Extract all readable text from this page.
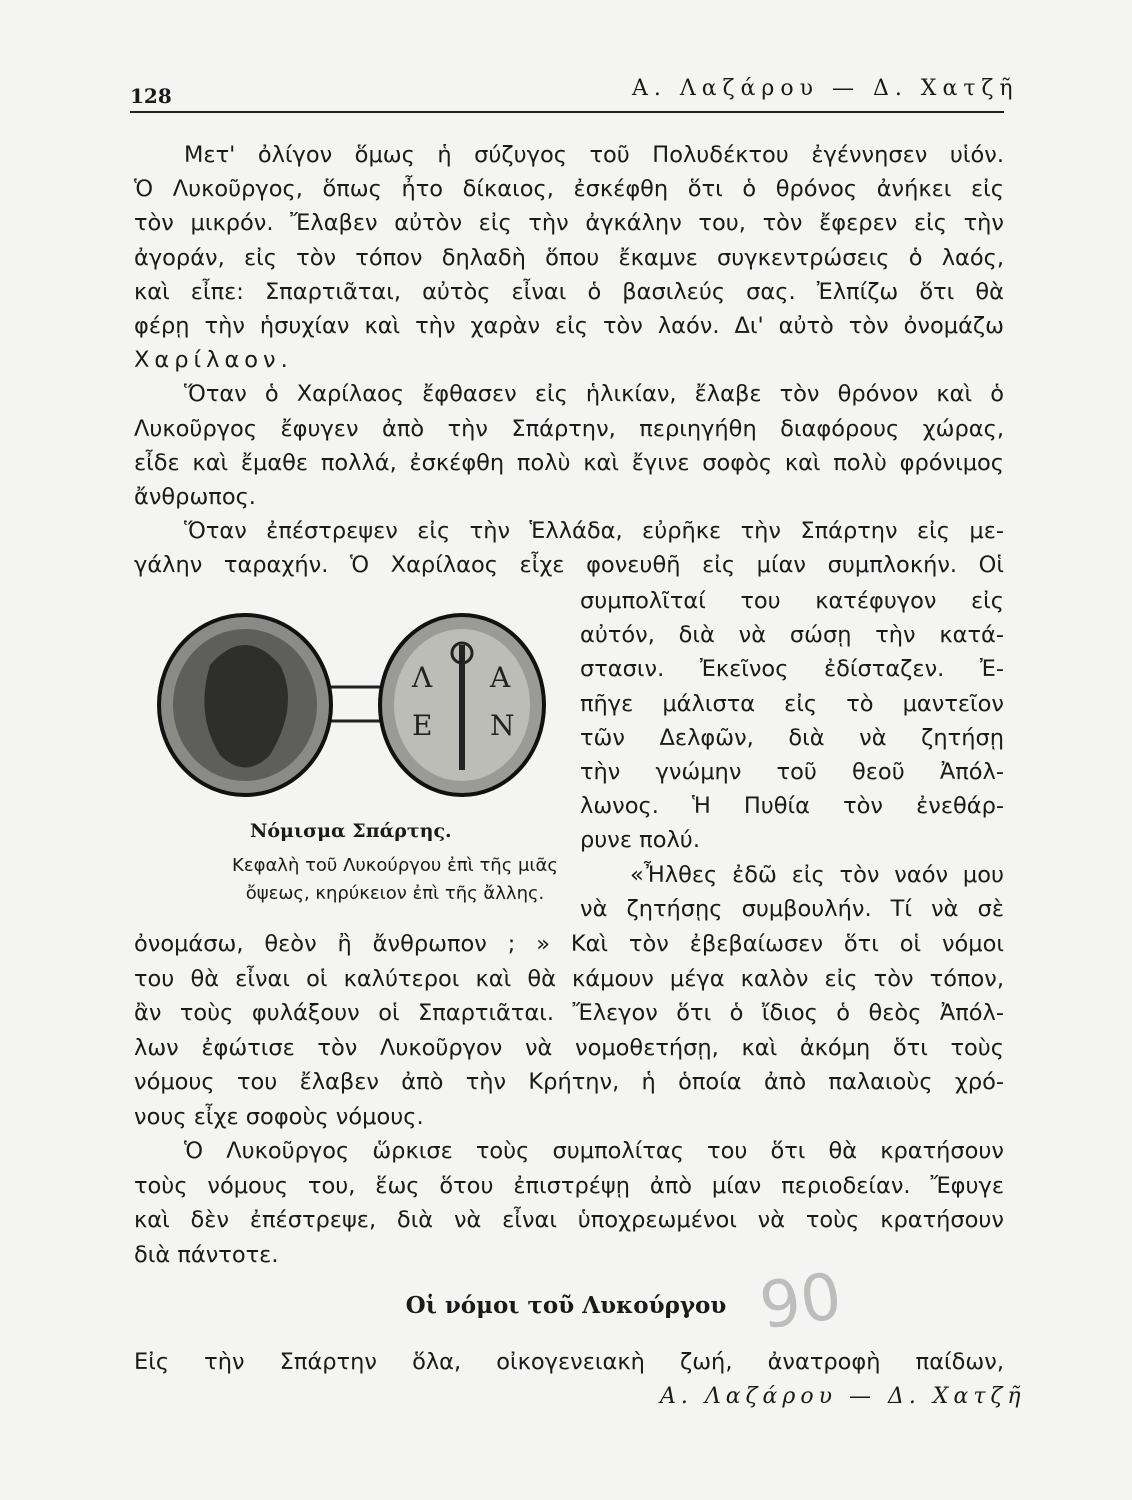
128	Α. Λαζάρου — Δ. Χατζῆ
Μετ' ὀλίγον ὅμως ἡ σύζυγος τοῦ Πολυδέκτου ἐγέννησεν υἱόν.
Ὁ Λυκοῦργος, ὅπως ἦτο δίκαιος, ἐσκέφθη ὅτι ὁ θρόνος ἀνήκει εἰς
τὸν μικρόν. Ἔλαβεν αὐτὸν εἰς τὴν ἀγκάλην του, τὸν ἔφερεν εἰς τὴν
ἀγοράν, εἰς τὸν τόπον δηλαδὴ ὅπου ἔκαμνε συγκεντρώσεις ὁ λαός,
καὶ εἶπε: Σπαρτιᾶται, αὐτὸς εἶναι ὁ βασιλεύς σας. Ἐλπίζω ὅτι θὰ
φέρῃ τὴν ἡσυχίαν καὶ τὴν χαρὰν εἰς τὸν λαόν. Δι' αὐτὸ τὸν ὀνομάζω
Χαρίλαον.
Ὅταν ὁ Χαρίλαος ἔφθασεν εἰς ἡλικίαν, ἔλαβε τὸν θρόνον καὶ ὁ
Λυκοῦργος ἔφυγεν ἀπὸ τὴν Σπάρτην, περιηγήθη διαφόρους χώρας,
εἶδε καὶ ἔμαθε πολλά, ἐσκέφθη πολὺ καὶ ἔγινε σοφὸς καὶ πολὺ φρόνιμος
ἄνθρωπος.
Ὅταν ἐπέστρεψεν εἰς τὴν Ἑλλάδα, εὐρῆκε τὴν Σπάρτην εἰς με-
γάλην ταραχήν. Ὁ Χαρίλαος εἶχε φονευθῆ εἰς μίαν συμπλοκήν. Οἱ
συμπολῖταί του κατέφυγον εἰς
αὐτόν, διὰ νὰ σώσῃ τὴν κατά-
στασιν. Ἐκεῖνος ἐδίσταζεν. Ἐ-
πῆγε μάλιστα εἰς τὸ μαντεῖον
τῶν Δελφῶν, διὰ νὰ ζητήσῃ
τὴν γνώμην τοῦ θεοῦ Ἀπόλ-
λωνος. Ἡ Πυθία τὸν ἐνεθάρ-
ρυνε πολύ.
«Ἦλθες ἐδῶ εἰς τὸν ναόν μου
νὰ ζητήσῃς συμβουλήν. Τί νὰ σὲ
Λ Α
Ε Ν
Νόμισμα Σπάρτης.
Κεφαλὴ τοῦ Λυκούργου ἐπὶ τῆς μιᾶς
ὄψεως, κηρύκειον ἐπὶ τῆς ἄλλης.
ὀνομάσω, θεὸν ἢ ἄνθρωπον ; » Καὶ τὸν ἐβεβαίωσεν ὅτι οἱ νόμοι
του θὰ εἶναι οἱ καλύτεροι καὶ θὰ κάμουν μέγα καλὸν εἰς τὸν τόπον,
ἂν τοὺς φυλάξουν οἱ Σπαρτιᾶται. Ἔλεγον ὅτι ὁ ἴδιος ὁ θεὸς Ἀπόλ-
λων ἐφώτισε τὸν Λυκοῦργον νὰ νομοθετήσῃ, καὶ ἀκόμη ὅτι τοὺς
νόμους του ἔλαβεν ἀπὸ τὴν Κρήτην, ἡ ὁποία ἀπὸ παλαιοὺς χρό-
νους εἶχε σοφοὺς νόμους.
Ὁ Λυκοῦργος ὥρκισε τοὺς συμπολίτας του ὅτι θὰ κρατήσουν
τοὺς νόμους του, ἕως ὅτου ἐπιστρέψῃ ἀπὸ μίαν περιοδείαν. Ἔφυγε
καὶ δὲν ἐπέστρεψε, διὰ νὰ εἶναι ὑποχρεωμένοι νὰ τοὺς κρατήσουν
διὰ πάντοτε.
Οἱ νόμοι τοῦ Λυκούργου
Εἰς τὴν Σπάρτην ὅλα, οἰκογενειακὴ ζωή, ἀνατροφὴ παίδων,
Α. Λαζάρου — Δ. Χατζῆ
90
